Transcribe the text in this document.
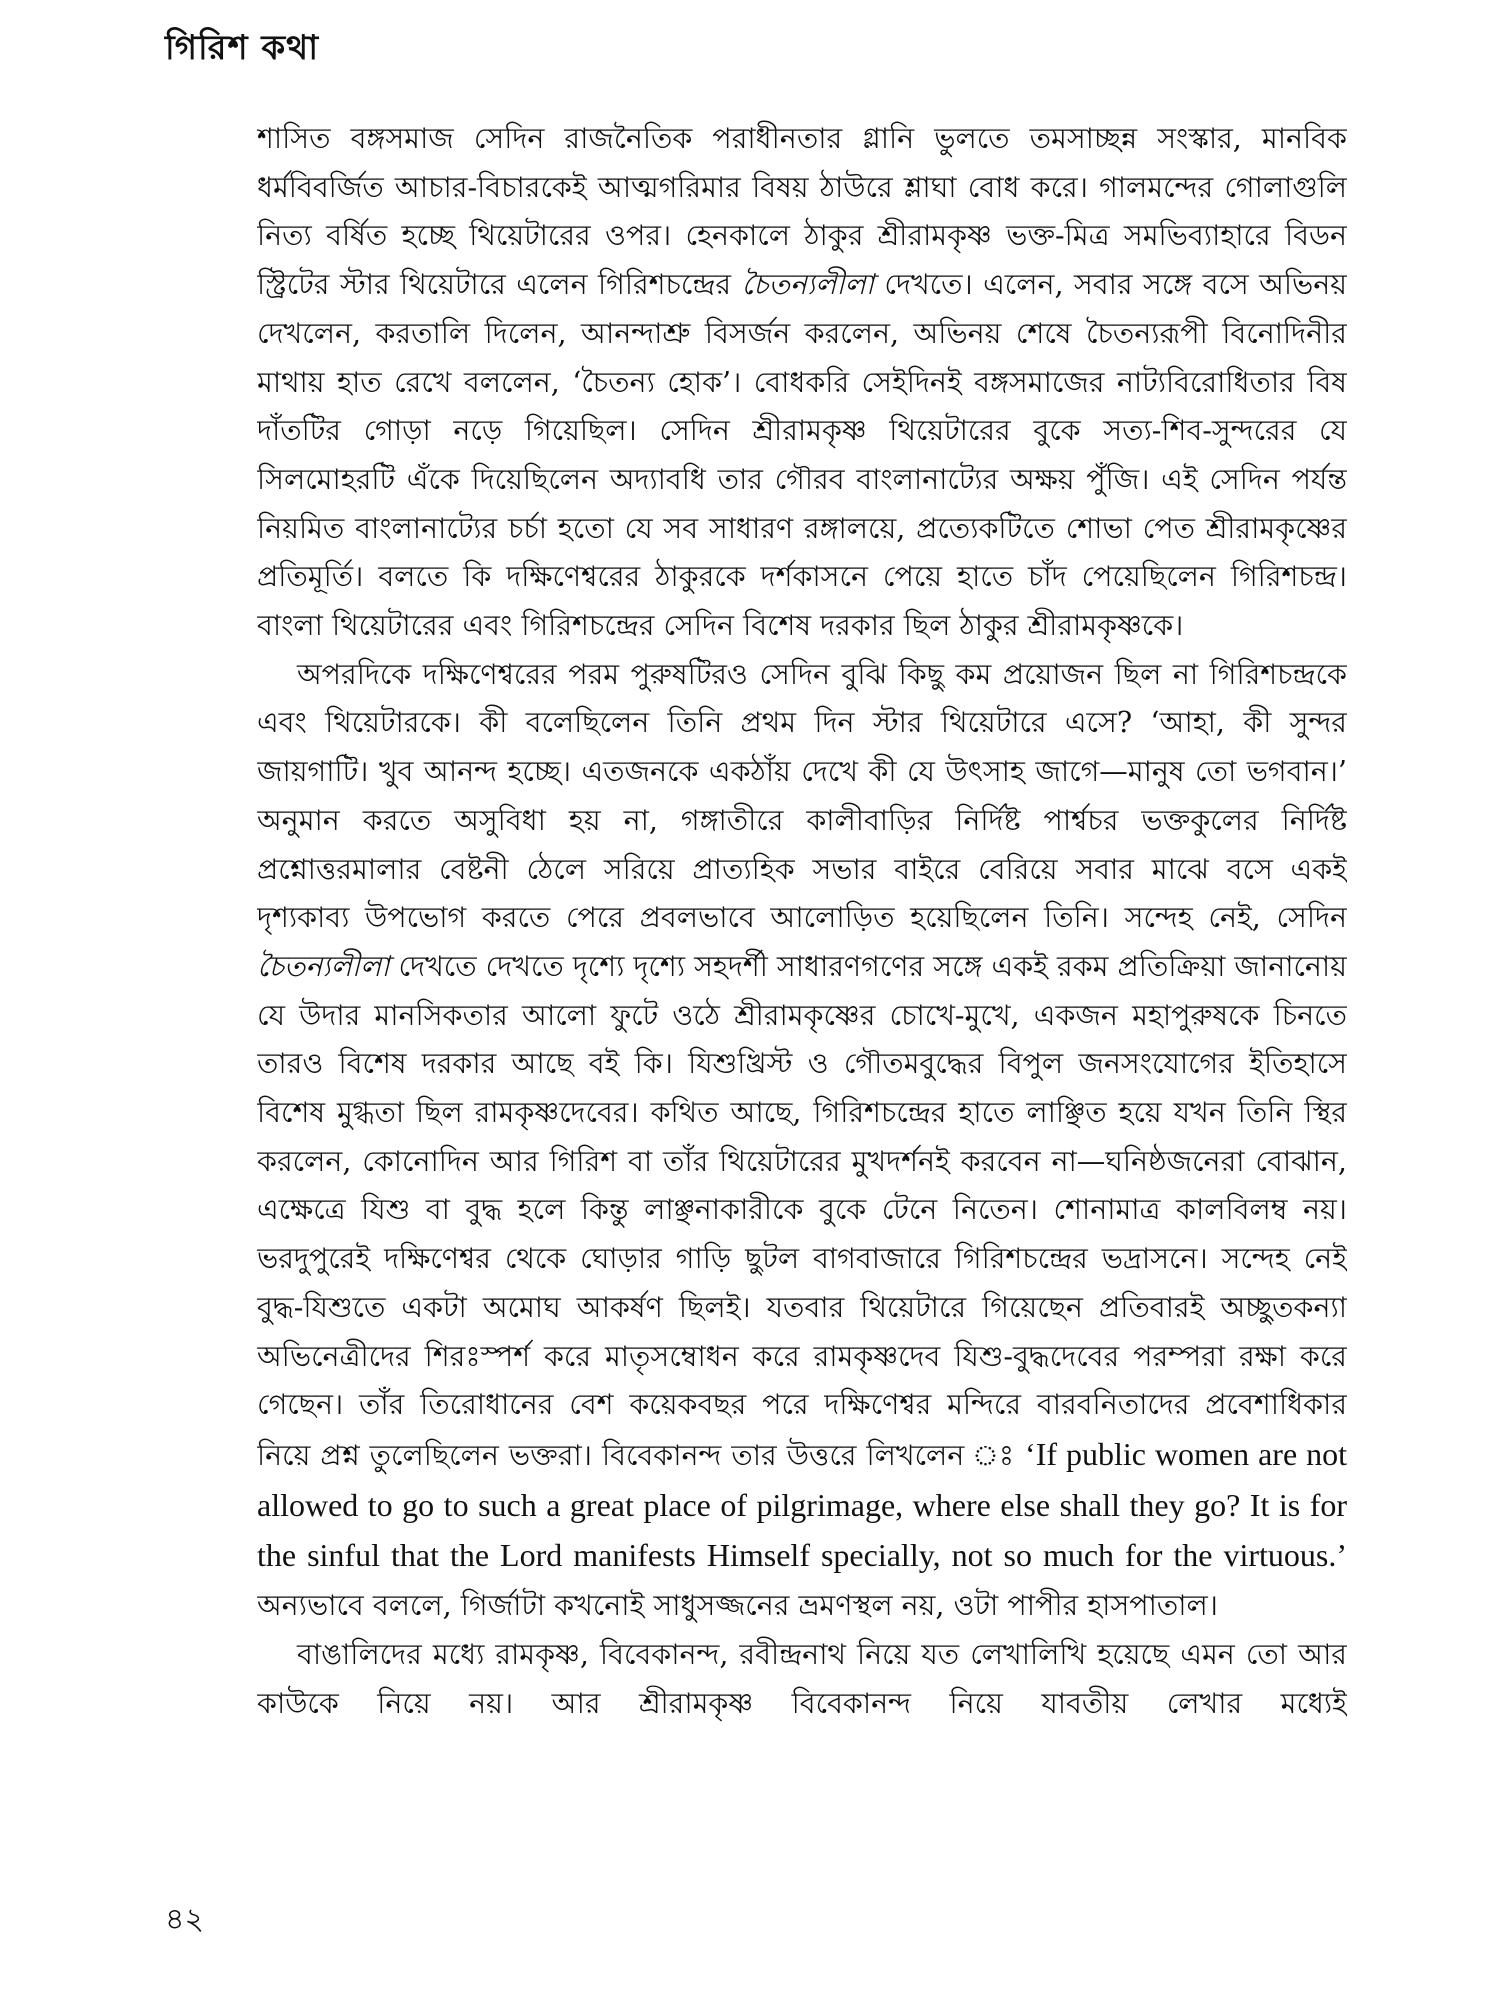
গিরিশ কথা

শাসিত বঙ্গসমাজ সেদিন রাজনৈতিক পরাধীনতার গ্লানি ভুলতে তমসাচ্ছন্ন সংস্কার, মানবিক ধর্মবিবর্জিত আচার-বিচারকেই আত্মগরিমার বিষয় ঠাউরে শ্লাঘা বোধ করে। গালমন্দের গোলাগুলি নিত্য বর্ষিত হচ্ছে থিয়েটারের ওপর। হেনকালে ঠাকুর শ্রীরামকৃষ্ণ ভক্ত-মিত্র সমভিব্যাহারে বিডন স্ট্রিটের স্টার থিয়েটারে এলেন গিরিশচন্দ্রের চৈতন্যলীলা দেখতে। এলেন, সবার সঙ্গে বসে অভিনয় দেখলেন, করতালি দিলেন, আনন্দাশ্রু বিসর্জন করলেন, অভিনয় শেষে চৈতন্যরূপী বিনোদিনীর মাথায় হাত রেখে বললেন, ‘চৈতন্য হোক’। বোধকরি সেইদিনই বঙ্গসমাজের নাট্যবিরোধিতার বিষ দাঁতটির গোড়া নড়ে গিয়েছিল। সেদিন শ্রীরামকৃষ্ণ থিয়েটারের বুকে সত্য-শিব-সুন্দরের যে সিলমোহরটি এঁকে দিয়েছিলেন অদ্যাবধি তার গৌরব বাংলানাট্যের অক্ষয় পুঁজি। এই সেদিন পর্যন্ত নিয়মিত বাংলানাট্যের চর্চা হতো যে সব সাধারণ রঙ্গালয়ে, প্রত্যেকটিতে শোভা পেত শ্রীরামকৃষ্ণের প্রতিমূর্তি। বলতে কি দক্ষিণেশ্বরের ঠাকুরকে দর্শকাসনে পেয়ে হাতে চাঁদ পেয়েছিলেন গিরিশচন্দ্র। বাংলা থিয়েটারের এবং গিরিশচন্দ্রের সেদিন বিশেষ দরকার ছিল ঠাকুর শ্রীরামকৃষ্ণকে।

অপরদিকে দক্ষিণেশ্বরের পরম পুরুষটিরও সেদিন বুঝি কিছু কম প্রয়োজন ছিল না গিরিশচন্দ্রকে এবং থিয়েটারকে। কী বলেছিলেন তিনি প্রথম দিন স্টার থিয়েটারে এসে? ‘আহা, কী সুন্দর জায়গাটি। খুব আনন্দ হচ্ছে। এতজনকে একঠাঁয় দেখে কী যে উৎসাহ জাগে—মানুষ তো ভগবান।’ অনুমান করতে অসুবিধা হয় না, গঙ্গাতীরে কালীবাড়ির নির্দিষ্ট পার্শ্বচর ভক্তকুলের নির্দিষ্ট প্রশ্নোত্তরমালার বেষ্টনী ঠেলে সরিয়ে প্রাত্যহিক সভার বাইরে বেরিয়ে সবার মাঝে বসে একই দৃশ্যকাব্য উপভোগ করতে পেরে প্রবলভাবে আলোড়িত হয়েছিলেন তিনি। সন্দেহ নেই, সেদিন চৈতন্যলীলা দেখতে দেখতে দৃশ্যে দৃশ্যে সহদর্শী সাধারণগণের সঙ্গে একই রকম প্রতিক্রিয়া জানানোয় যে উদার মানসিকতার আলো ফুটে ওঠে শ্রীরামকৃষ্ণের চোখে-মুখে, একজন মহাপুরুষকে চিনতে তারও বিশেষ দরকার আছে বই কি। যিশুখ্রিস্ট ও গৌতমবুদ্ধের বিপুল জনসংযোগের ইতিহাসে বিশেষ মুগ্ধতা ছিল রামকৃষ্ণদেবের। কথিত আছে, গিরিশচন্দ্রের হাতে লাঞ্ছিত হয়ে যখন তিনি স্থির করলেন, কোনোদিন আর গিরিশ বা তাঁর থিয়েটারের মুখদর্শনই করবেন না—ঘনিষ্ঠজনেরা বোঝান, এক্ষেত্রে যিশু বা বুদ্ধ হলে কিন্তু লাঞ্ছনাকারীকে বুকে টেনে নিতেন। শোনামাত্র কালবিলম্ব নয়। ভরদুপুরেই দক্ষিণেশ্বর থেকে ঘোড়ার গাড়ি ছুটল বাগবাজারে গিরিশচন্দ্রের ভদ্রাসনে। সন্দেহ নেই বুদ্ধ-যিশুতে একটা অমোঘ আকর্ষণ ছিলই। যতবার থিয়েটারে গিয়েছেন প্রতিবারই অচ্ছুতকন্যা অভিনেত্রীদের শিরঃস্পর্শ করে মাতৃসম্বোধন করে রামকৃষ্ণদেব যিশু-বুদ্ধদেবের পরম্পরা রক্ষা করে গেছেন। তাঁর তিরোধানের বেশ কয়েকবছর পরে দক্ষিণেশ্বর মন্দিরে বারবনিতাদের প্রবেশাধিকার নিয়ে প্রশ্ন তুলেছিলেন ভক্তরা। বিবেকানন্দ তার উত্তরে লিখলেন ঃ ‘If public women are not allowed to go to such a great place of pilgrimage, where else shall they go? It is for the sinful that the Lord manifests Himself specially, not so much for the virtuous.’ অন্যভাবে বললে, গির্জাটা কখনোই সাধুসজ্জনের ভ্রমণস্থল নয়, ওটা পাপীর হাসপাতাল।

বাঙালিদের মধ্যে রামকৃষ্ণ, বিবেকানন্দ, রবীন্দ্রনাথ নিয়ে যত লেখালিখি হয়েছে এমন তো আর কাউকে নিয়ে নয়। আর শ্রীরামকৃষ্ণ বিবেকানন্দ নিয়ে যাবতীয় লেখার মধ্যেই

৪২
